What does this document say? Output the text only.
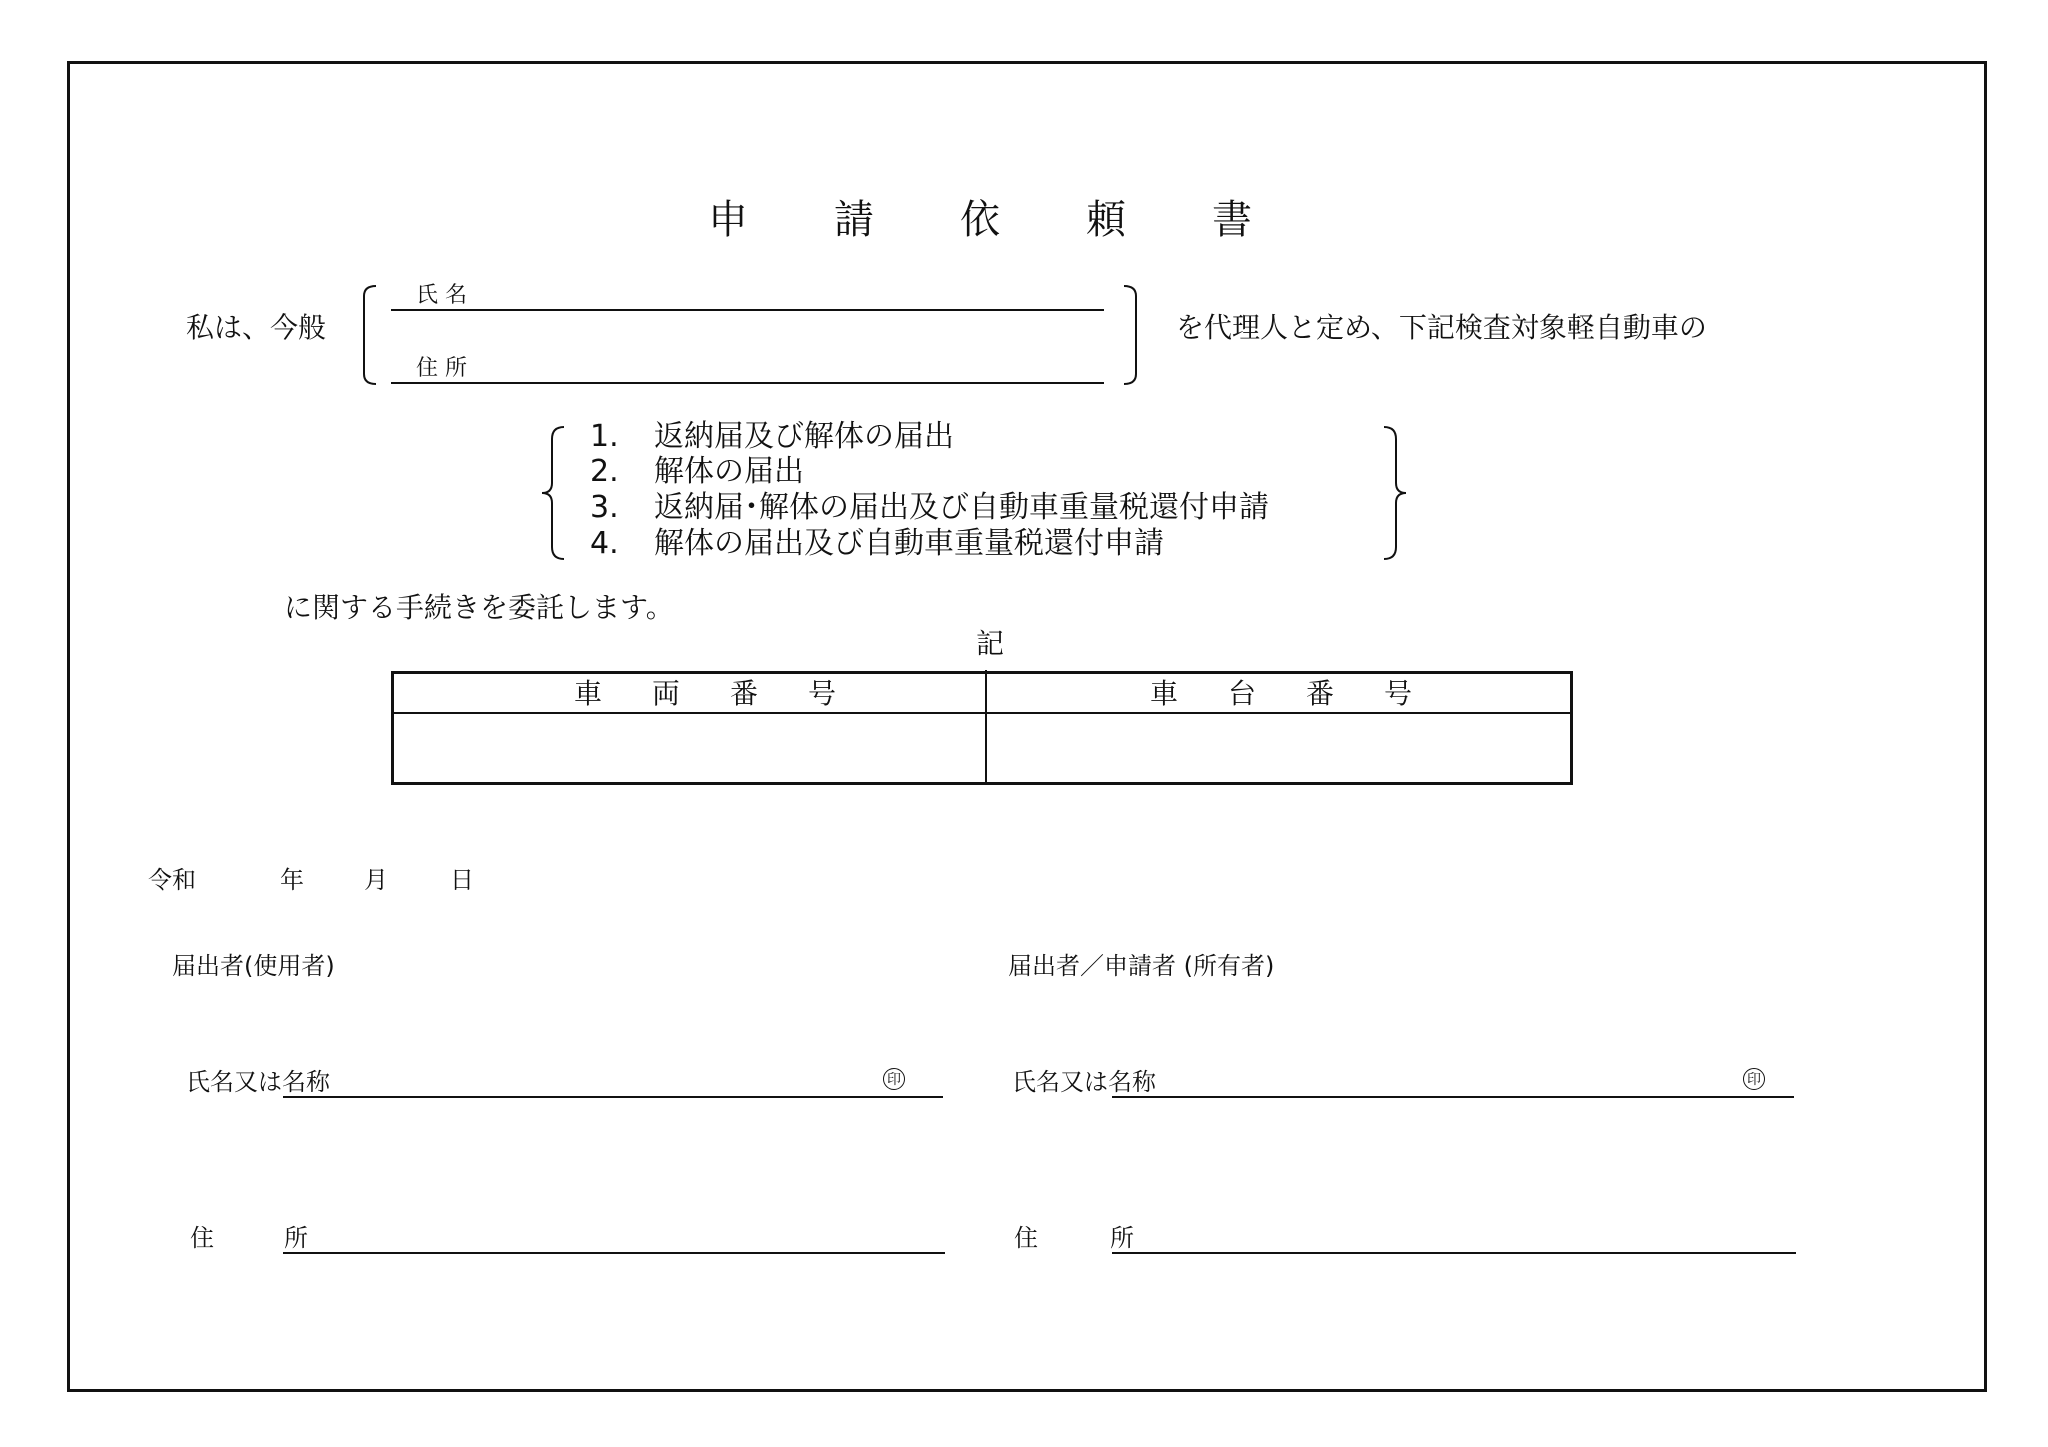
申 請 依 頼 書
私は、今般
氏 名
住 所
を代理人と定め、下記検査対象軽自動車の
1. 返納届及び解体の届出
2. 解体の届出
3. 返納届･解体の届出及び自動車重量税還付申請
4. 解体の届出及び自動車重量税還付申請
に関する手続きを委託します。
記
車 両 番 号	車 台 番 号
令和	年	月	日
届出者(使用者)
氏名又は名称	印
住	所
届出者／申請者 (所有者)
氏名又は名称	印
住	所
